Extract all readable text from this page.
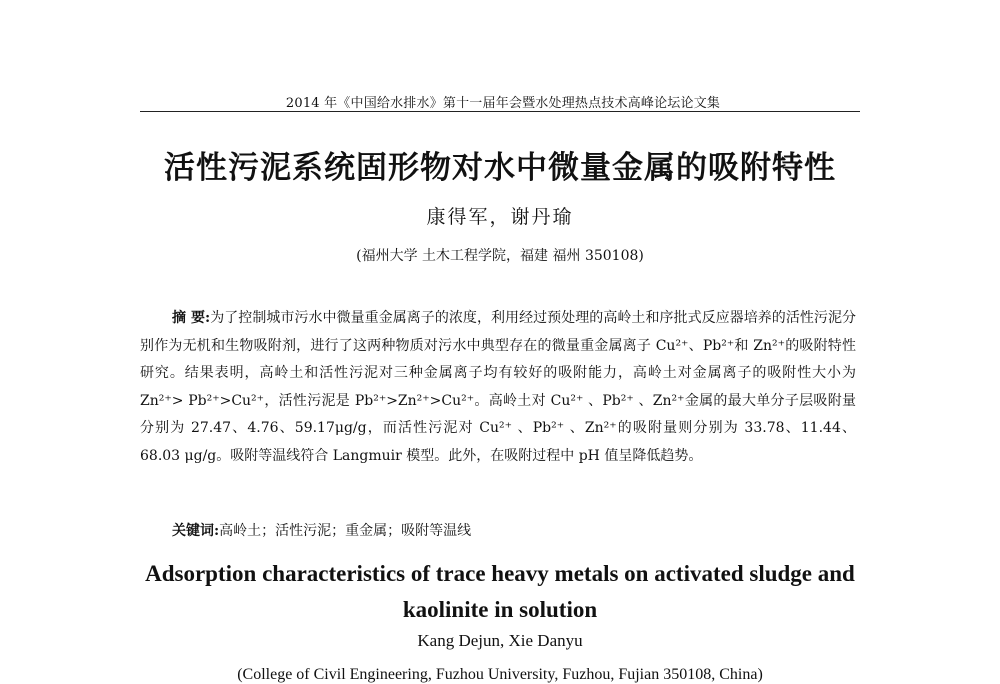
2014 年《中国给水排水》第十一届年会暨水处理热点技术高峰论坛论文集
活性污泥系统固形物对水中微量金属的吸附特性
康得军，谢丹瑜
(福州大学 土木工程学院，福建 福州 350108)
摘 要:为了控制城市污水中微量重金属离子的浓度，利用经过预处理的高岭土和序批式反应器培养的活性污泥分别作为无机和生物吸附剂，进行了这两种物质对污水中典型存在的微量重金属离子 Cu²⁺、Pb²⁺和 Zn²⁺的吸附特性研究。结果表明，高岭土和活性污泥对三种金属离子均有较好的吸附能力，高岭土对金属离子的吸附性大小为 Zn²⁺> Pb²⁺>Cu²⁺，活性污泥是 Pb²⁺>Zn²⁺>Cu²⁺。高岭土对 Cu²⁺ 、Pb²⁺ 、Zn²⁺金属的最大单分子层吸附量分别为 27.47、4.76、59.17μg/g，而活性污泥对 Cu²⁺ 、Pb²⁺ 、Zn²⁺的吸附量则分别为 33.78、11.44、68.03 μg/g。吸附等温线符合 Langmuir 模型。此外，在吸附过程中 pH 值呈降低趋势。
关键词:高岭土；活性污泥；重金属；吸附等温线
Adsorption characteristics of trace heavy metals on activated sludge and kaolinite in solution
Kang Dejun, Xie Danyu
(College of Civil Engineering, Fuzhou University, Fuzhou, Fujian 350108, China)
